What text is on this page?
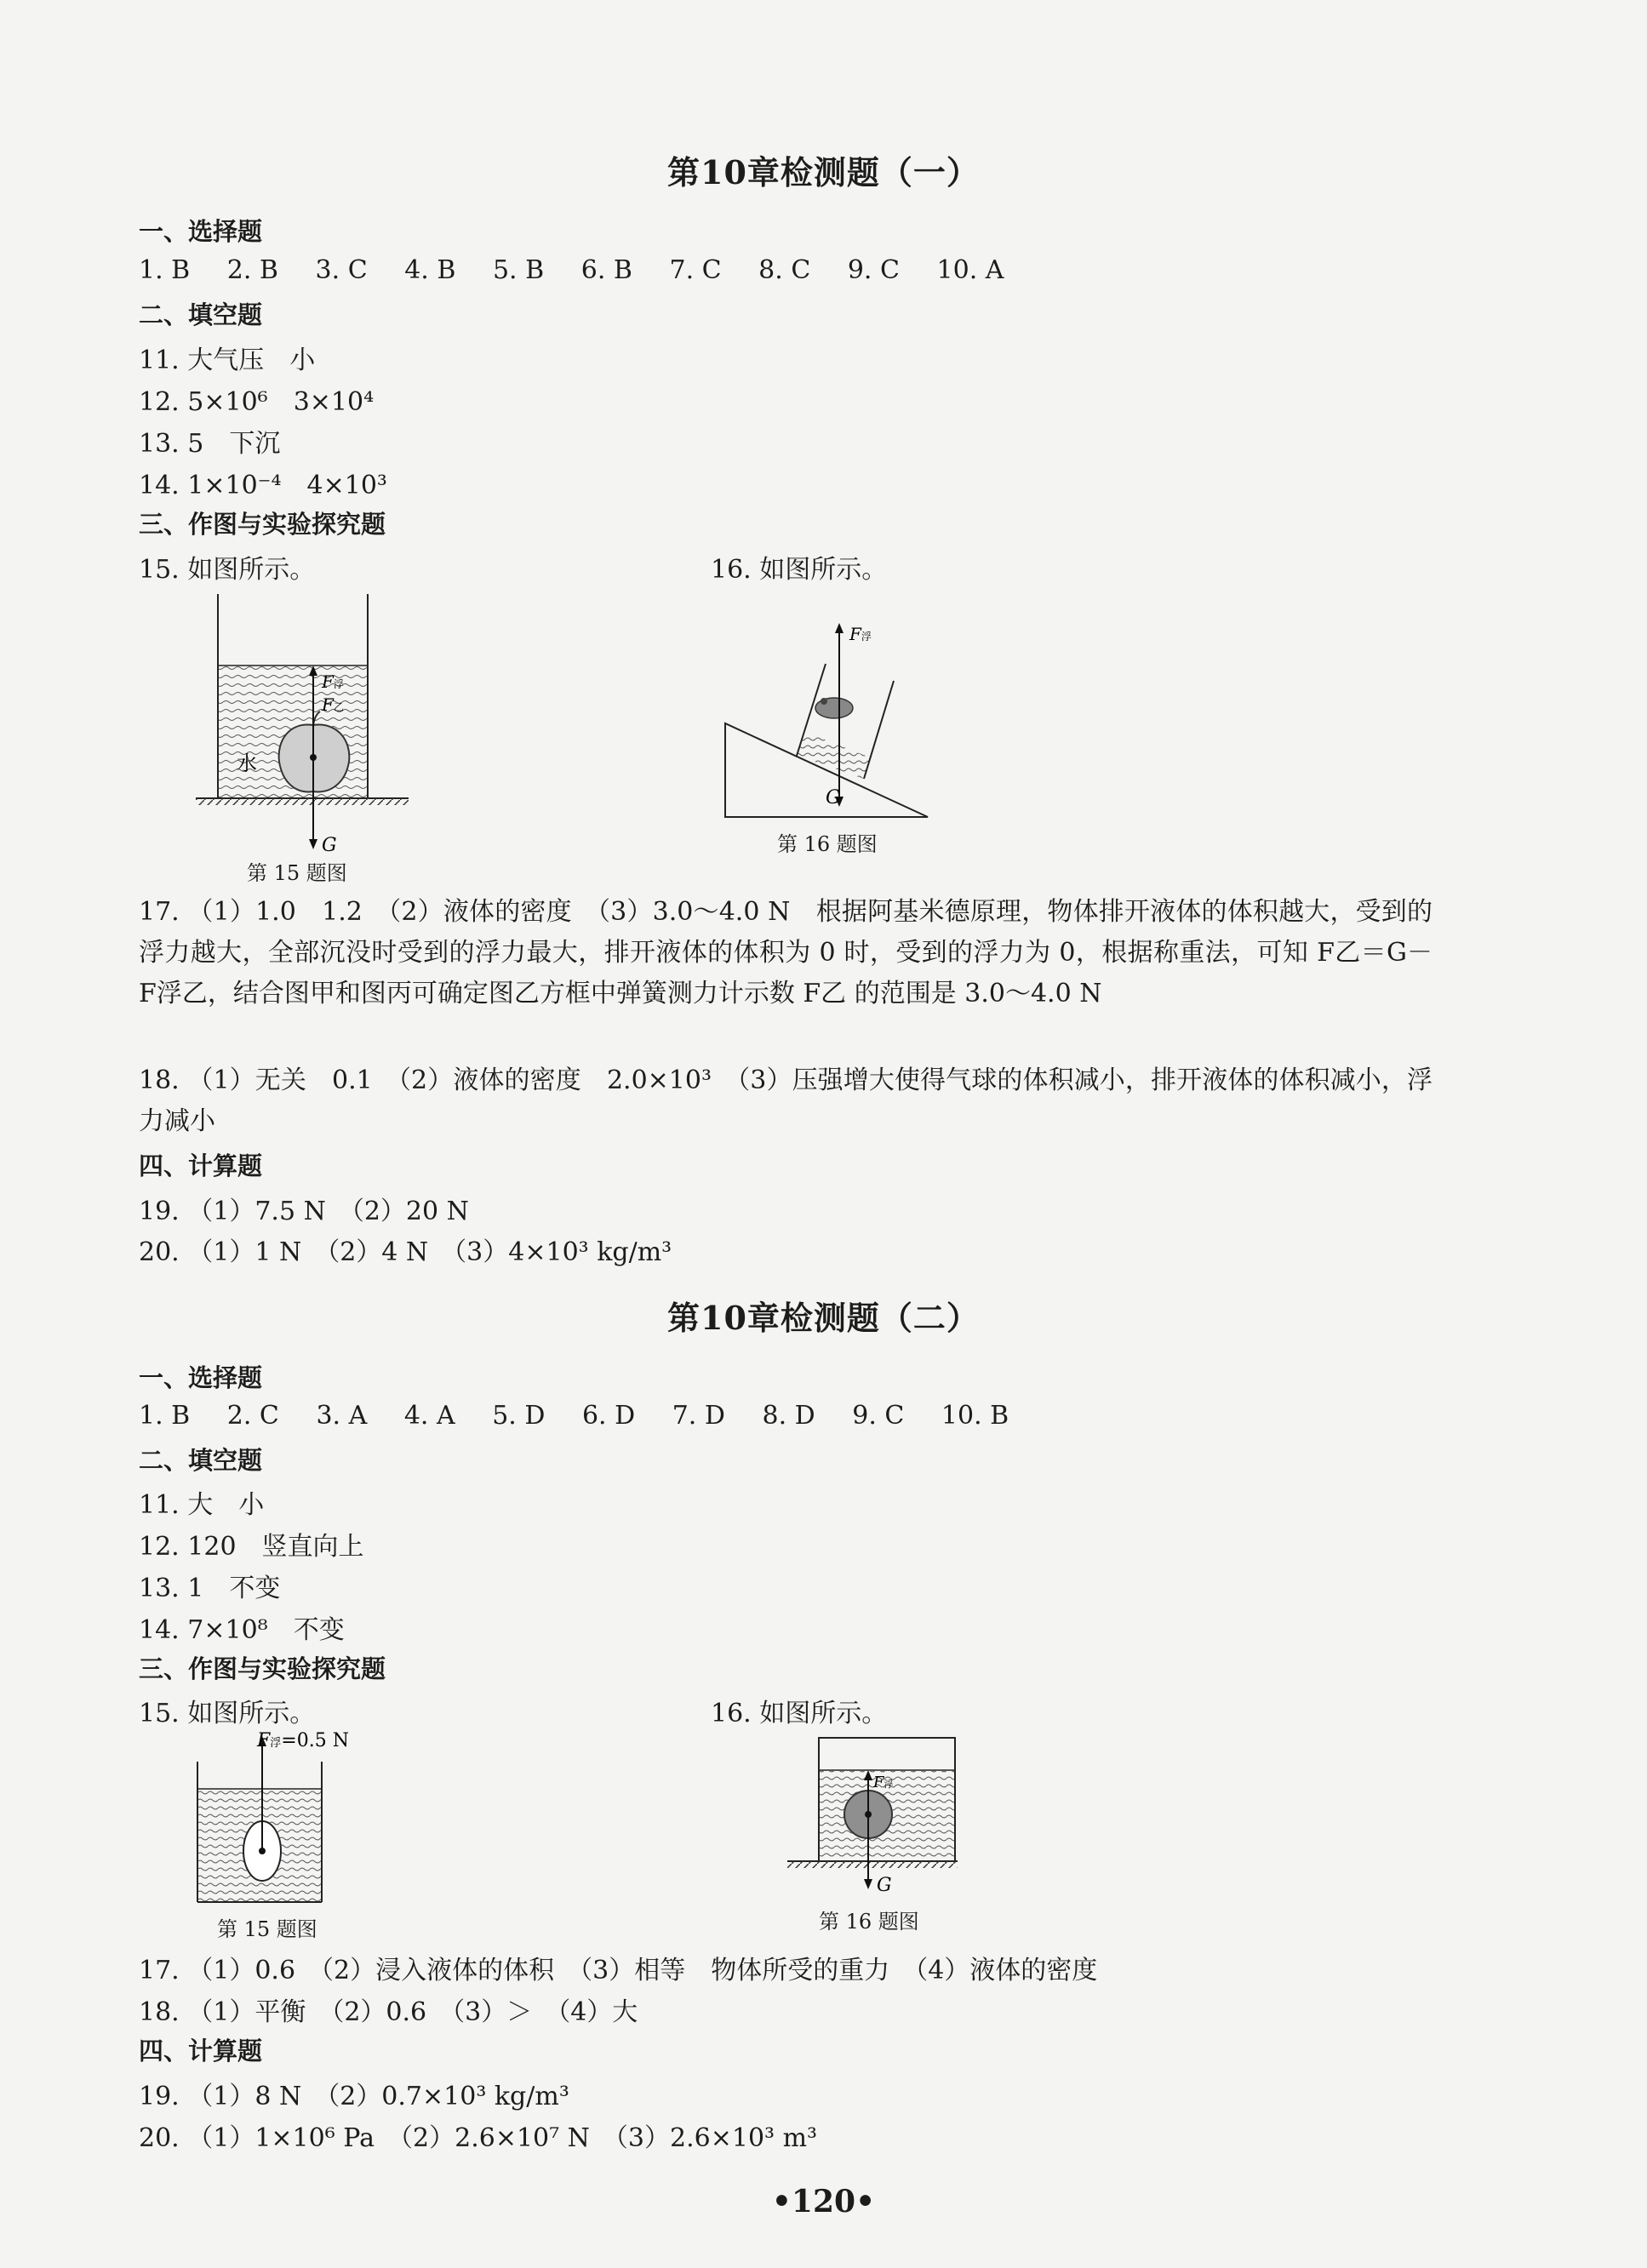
第10章检测题（一）
一、选择题
1. B 2. B 3. C 4. B 5. B 6. B 7. C 8. C 9. C 10. A
二、填空题
11. 大气压　小
12. 5×10⁶　3×10⁴
13. 5　下沉
14. 1×10⁻⁴　4×10³
三、作图与实验探究题
15. 如图所示。	16. 如图所示。
水
F浮
F乙
G
第 15 题图
F浮
G
第 16 题图
17. （1）1.0　1.2　（2）液体的密度　（3）3.0～4.0 N　根据阿基米德原理，物体排开液体的体积越大，受到的浮力越大，全部沉没时受到的浮力最大，排开液体的体积为 0 时，受到的浮力为 0，根据称重法，可知 F乙＝G－F浮乙，结合图甲和图丙可确定图乙方框中弹簧测力计示数 F乙 的范围是 3.0～4.0 N
18. （1）无关　0.1　（2）液体的密度　2.0×10³　（3）压强增大使得气球的体积减小，排开液体的体积减小，浮力减小
四、计算题
19. （1）7.5 N　（2）20 N
20. （1）1 N　（2）4 N　（3）4×10³ kg/m³
第10章检测题（二）
一、选择题
1. B 2. C 3. A 4. A 5. D 6. D 7. D 8. D 9. C 10. B
二、填空题
11. 大　小
12. 120　竖直向上
13. 1　不变
14. 7×10⁸　不变
三、作图与实验探究题
15. 如图所示。	16. 如图所示。
F浮=0.5 N
第 15 题图
F浮
G
第 16 题图
17. （1）0.6　（2）浸入液体的体积　（3）相等　物体所受的重力　（4）液体的密度
18. （1）平衡　（2）0.6　（3）＞　（4）大
四、计算题
19. （1）8 N　（2）0.7×10³ kg/m³
20. （1）1×10⁶ Pa　（2）2.6×10⁷ N　（3）2.6×10³ m³
•120•
